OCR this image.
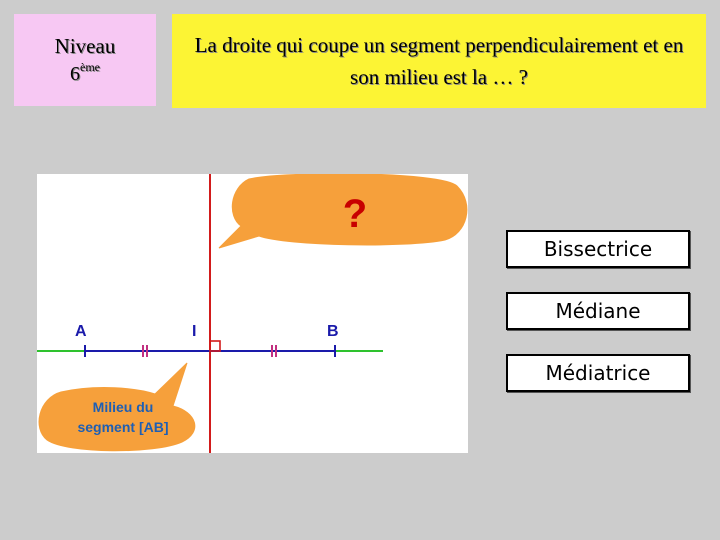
Niveau
6ème
La droite qui coupe un segment perpendiculairement et en son milieu est la … ?
A	I	B
?
Milieu du
segment [AB]
Bissectrice
Médiane
Médiatrice
